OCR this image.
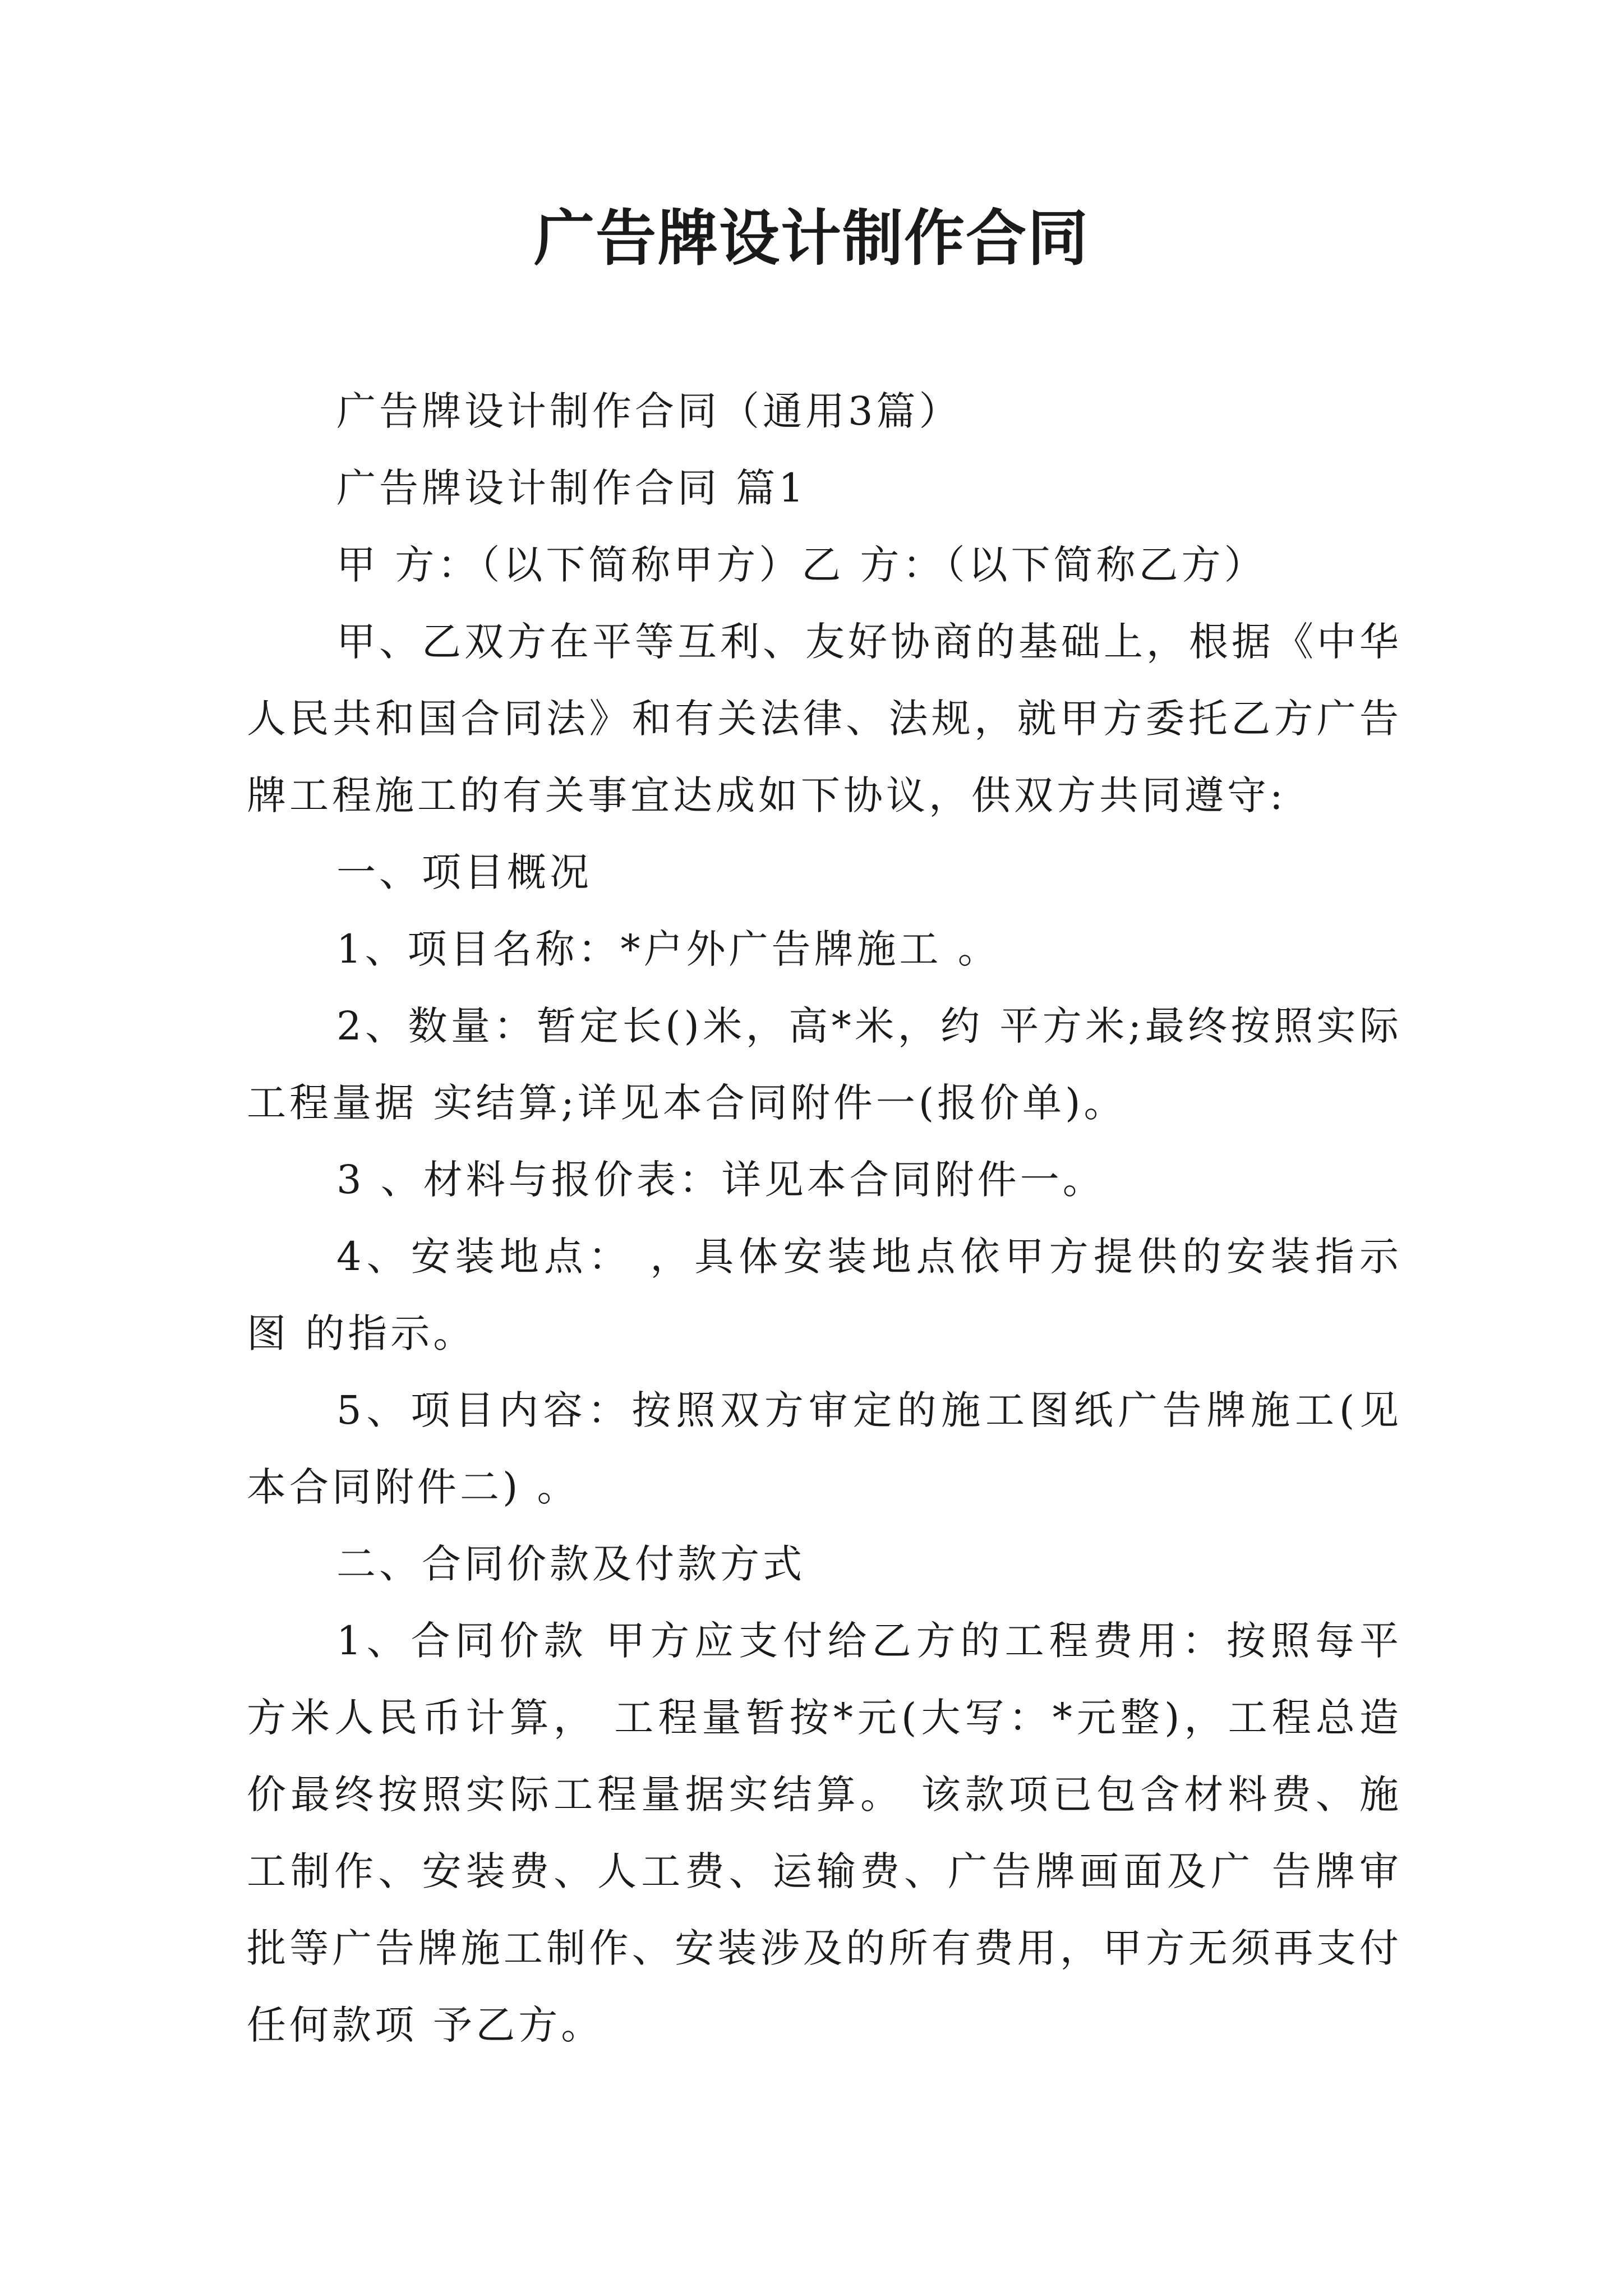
广告牌设计制作合同

广告牌设计制作合同（通用3篇）

广告牌设计制作合同 篇1

甲 方：（以下简称甲方）乙 方：（以下简称乙方）

甲、乙双方在平等互利、友好协商的基础上，根据《中华人民共和国合同法》和有关法律、法规，就甲方委托乙方广告牌工程施工的有关事宜达成如下协议，供双方共同遵守:

一、项目概况

1、项目名称：*户外广告牌施工 。

2、数量：暂定长()米，高*米，约 平方米;最终按照实际工程量据 实结算;详见本合同附件一(报价单)。

3 、材料与报价表：详见本合同附件一。

4、安装地点： ，具体安装地点依甲方提供的安装指示图 的指示。

5、项目内容：按照双方审定的施工图纸广告牌施工(见本合同附件二) 。

二、合同价款及付款方式

1、合同价款 甲方应支付给乙方的工程费用：按照每平方米人民币计算， 工程量暂按*元(大写：*元整)，工程总造价最终按照实际工程量据实结算。 该款项已包含材料费、施工制作、安装费、人工费、运输费、广告牌画面及广 告牌审批等广告牌施工制作、安装涉及的所有费用，甲方无须再支付任何款项 予乙方。
